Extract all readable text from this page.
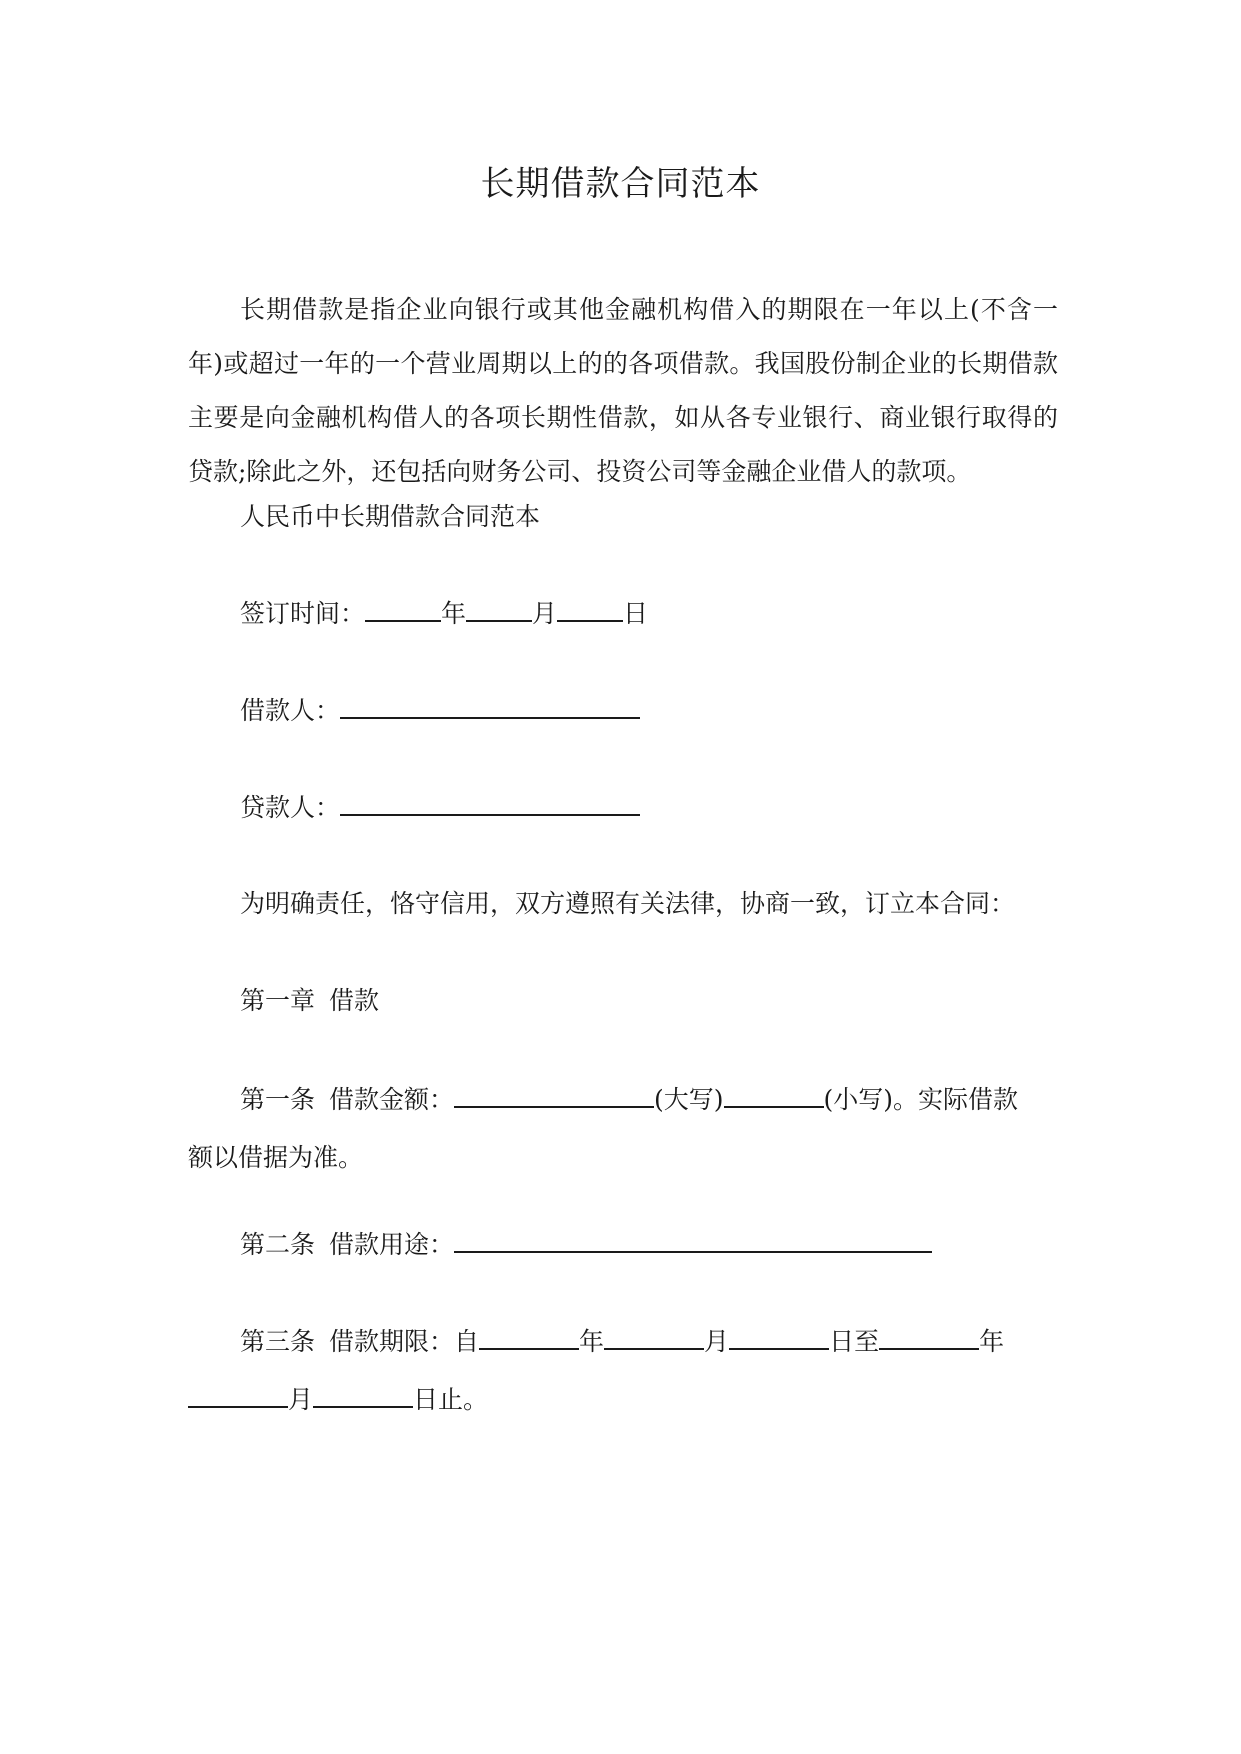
长期借款合同范本

长期借款是指企业向银行或其他金融机构借入的期限在一年以上(不含一年)或超过一年的一个营业周期以上的的各项借款。我国股份制企业的长期借款主要是向金融机构借人的各项长期性借款，如从各专业银行、商业银行取得的贷款;除此之外，还包括向财务公司、投资公司等金融企业借人的款项。

人民币中长期借款合同范本
签订时间：	年	月	日
借款人：
贷款人：
为明确责任，恪守信用，双方遵照有关法律，协商一致，订立本合同：
第一章 借款
第一条 借款金额：	(大写)	(小写)。实际借款
额以借据为准。
第二条 借款用途：
第三条 借款期限：自	年	月	日至	年
月	日止。
